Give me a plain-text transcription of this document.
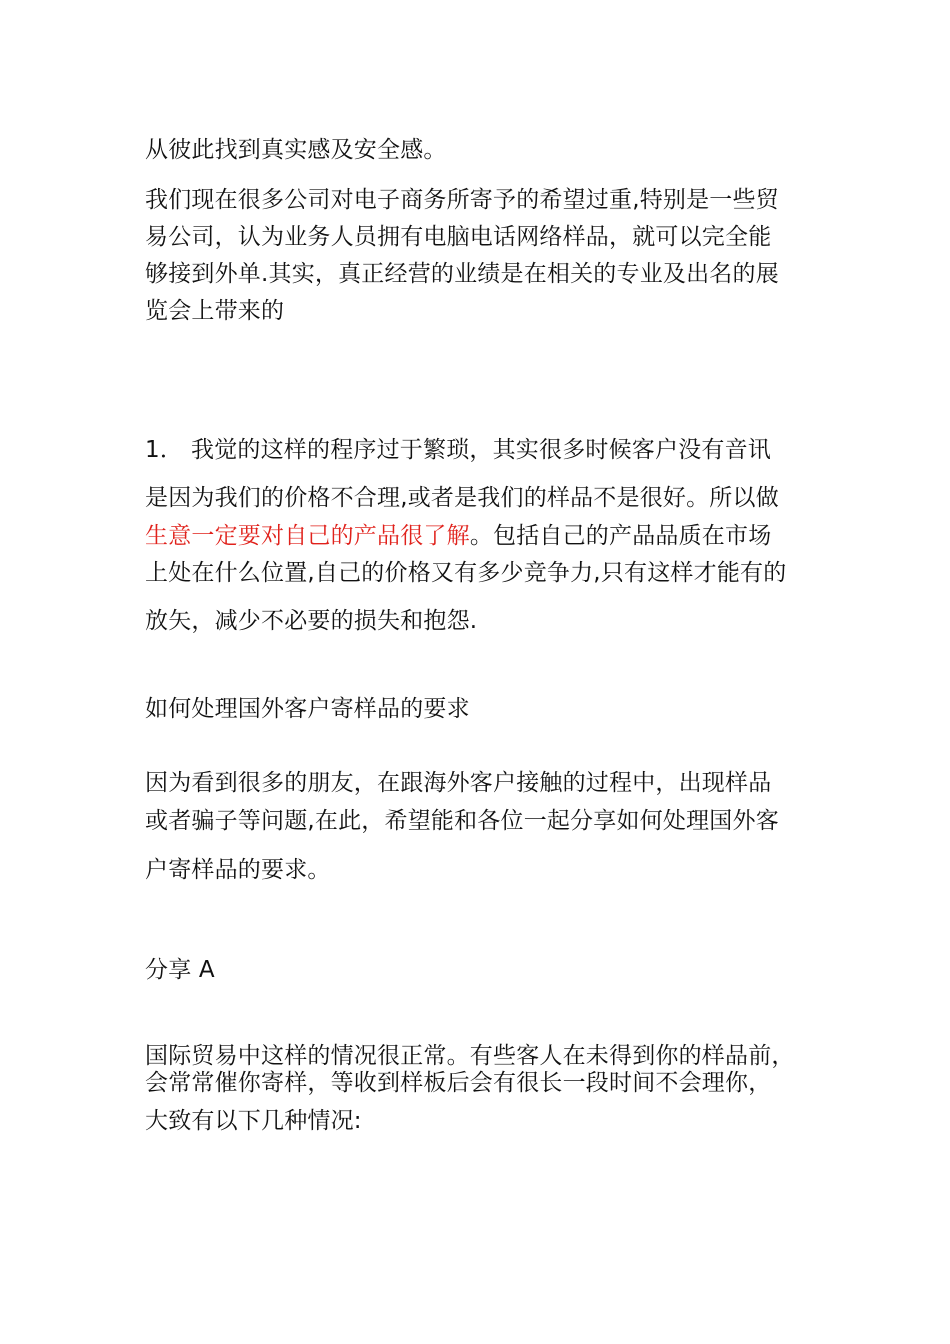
从彼此找到真实感及安全感。
我们现在很多公司对电子商务所寄予的希望过重,特别是一些贸
易公司，认为业务人员拥有电脑电话网络样品，就可以完全能
够接到外单.其实，真正经营的业绩是在相关的专业及出名的展
览会上带来的
1． 我觉的这样的程序过于繁琐，其实很多时候客户没有音讯
是因为我们的价格不合理,或者是我们的样品不是很好。所以做
生意一定要对自己的产品很了解。包括自己的产品品质在市场
上处在什么位置,自己的价格又有多少竞争力,只有这样才能有的
放矢，减少不必要的损失和抱怨.
如何处理国外客户寄样品的要求
因为看到很多的朋友，在跟海外客户接触的过程中，出现样品
或者骗子等问题,在此，希望能和各位一起分享如何处理国外客
户寄样品的要求。
分享 A
国际贸易中这样的情况很正常。有些客人在未得到你的样品前，
会常常催你寄样，等收到样板后会有很长一段时间不会理你，
大致有以下几种情况:
